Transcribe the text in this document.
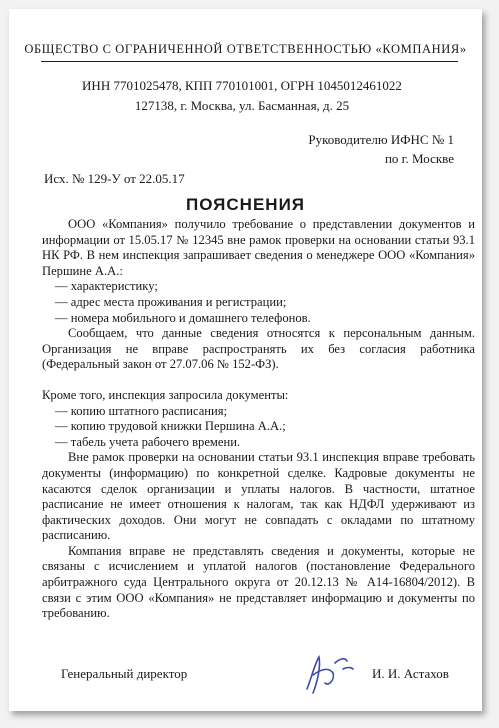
ОБЩЕСТВО С ОГРАНИЧЕННОЙ ОТВЕТСТВЕННОСТЬЮ «КОМПАНИЯ»
ИНН 7701025478, КПП 770101001, ОГРН 1045012461022
127138, г. Москва, ул. Басманная, д. 25
Руководителю ИФНС № 1
по г. Москве
Исх. № 129-У от 22.05.17
ПОЯСНЕНИЯ

ООО «Компания» получило требование о представлении документов и информации от 15.05.17 № 12345 вне рамок проверки на основании статьи 93.1 НК РФ. В нем инспекция запрашивает сведения о менеджере ООО «Компания» Першине А.А.:

— характеристику;

— адрес места проживания и регистрации;

— номера мобильного и домашнего телефонов.

Сообщаем, что данные сведения относятся к персональным данным. Организация не вправе распространять их без согласия работника (Федеральный закон от 27.07.06 № 152-ФЗ).

Кроме того, инспекция запросила документы:

— копию штатного расписания;

— копию трудовой книжки Першина А.А.;

— табель учета рабочего времени.

Вне рамок проверки на основании статьи 93.1 инспекция вправе требовать документы (информацию) по конкретной сделке. Кадровые документы не касаются сделок организации и уплаты налогов. В частности, штатное расписание не имеет отношения к налогам, так как НДФЛ удерживают из фактических доходов. Они могут не совпадать с окладами по штатному расписанию.

Компания вправе не представлять сведения и документы, которые не связаны с исчислением и уплатой налогов (постановление Федерального арбитражного суда Центрального округа от 20.12.13 № А14-16804/2012). В связи с этим ООО «Компания» не представляет информацию и документы по требованию.

Генеральный директор	И. И. Астахов
